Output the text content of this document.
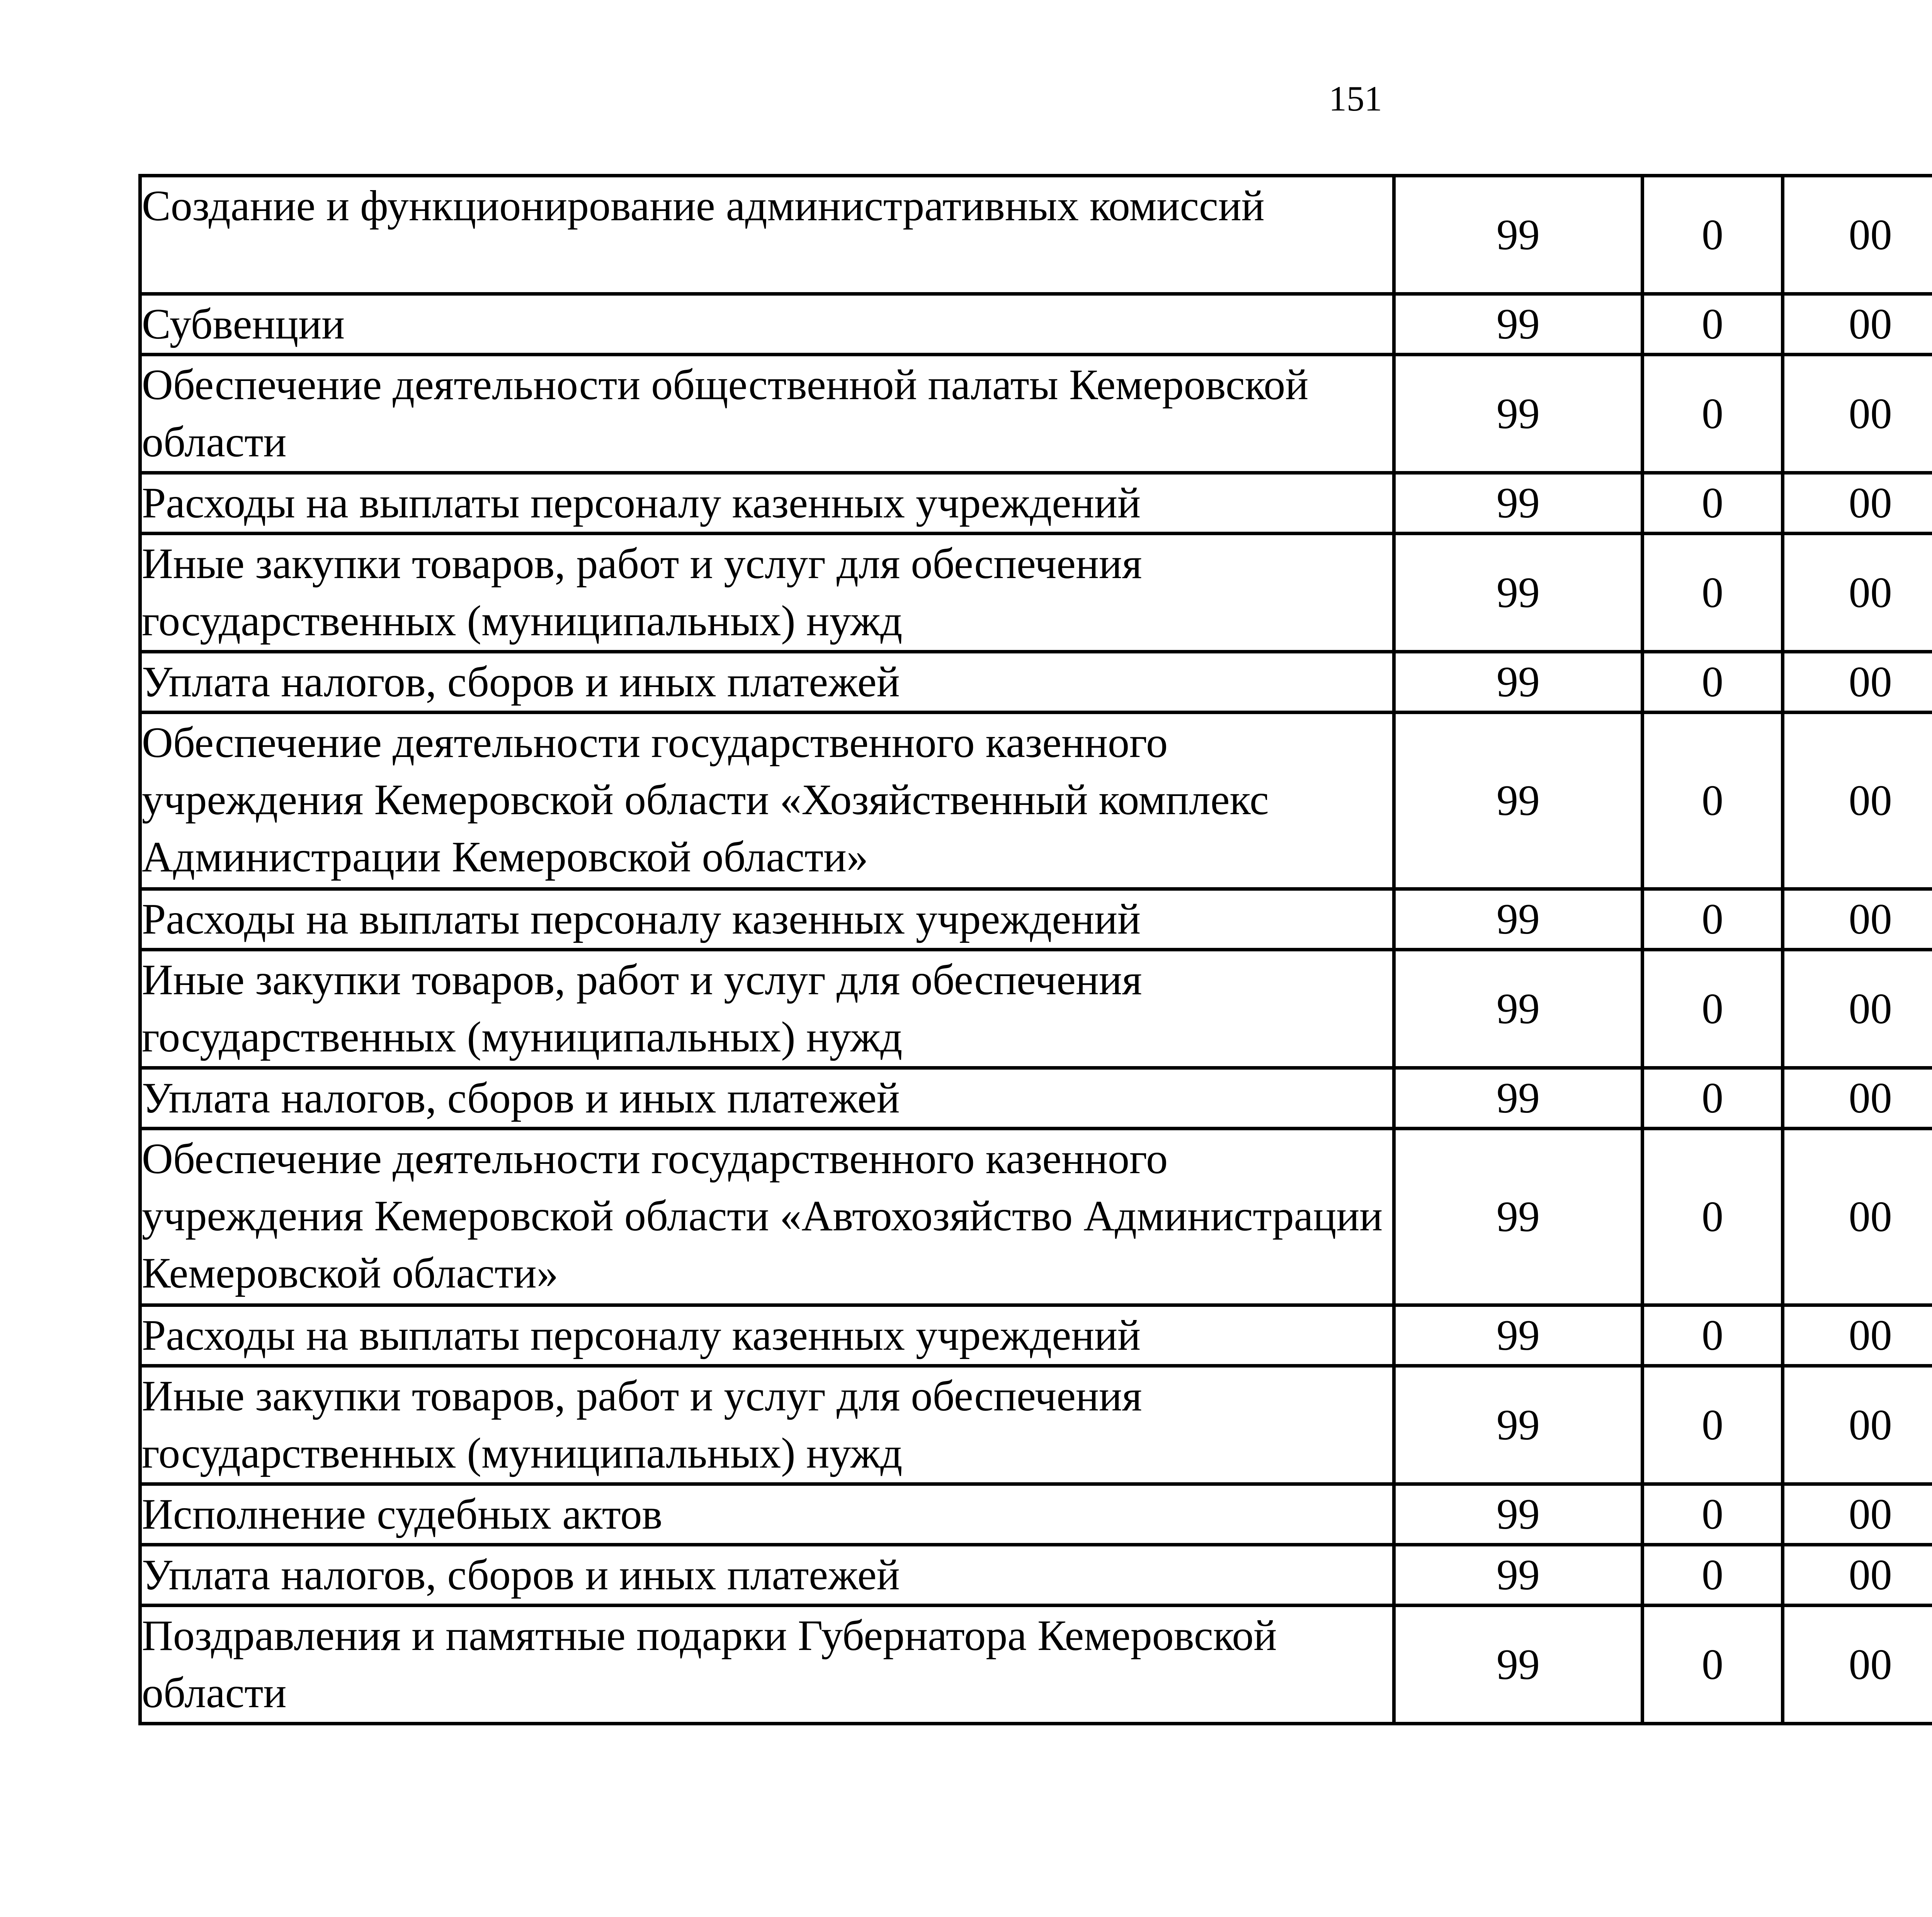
151
Создание и функционирование административных комиссий	99	0	00			
Субвенции	99	0	00			
Обеспечение деятельности общественной палаты Кемеровской области	99	0	00			
Расходы на выплаты персоналу казенных учреждений	99	0	00			
Иные закупки товаров, работ и услуг для обеспечения государственных (муниципальных) нужд	99	0	00			
Уплата налогов, сборов и иных платежей	99	0	00			
Обеспечение деятельности государственного казенного учреждения Кемеровской области «Хозяйственный комплекс Администрации Кемеровской области»	99	0	00			
Расходы на выплаты персоналу казенных учреждений	99	0	00			
Иные закупки товаров, работ и услуг для обеспечения государственных (муниципальных) нужд	99	0	00			
Уплата налогов, сборов и иных платежей	99	0	00			
Обеспечение деятельности государственного казенного учреждения Кемеровской области «Автохозяйство Администрации Кемеровской области»	99	0	00			
Расходы на выплаты персоналу казенных учреждений	99	0	00			
Иные закупки товаров, работ и услуг для обеспечения государственных (муниципальных) нужд	99	0	00			
Исполнение судебных актов	99	0	00			
Уплата налогов, сборов и иных платежей	99	0	00			
Поздравления и памятные подарки Губернатора Кемеровской области	99	0	00			
